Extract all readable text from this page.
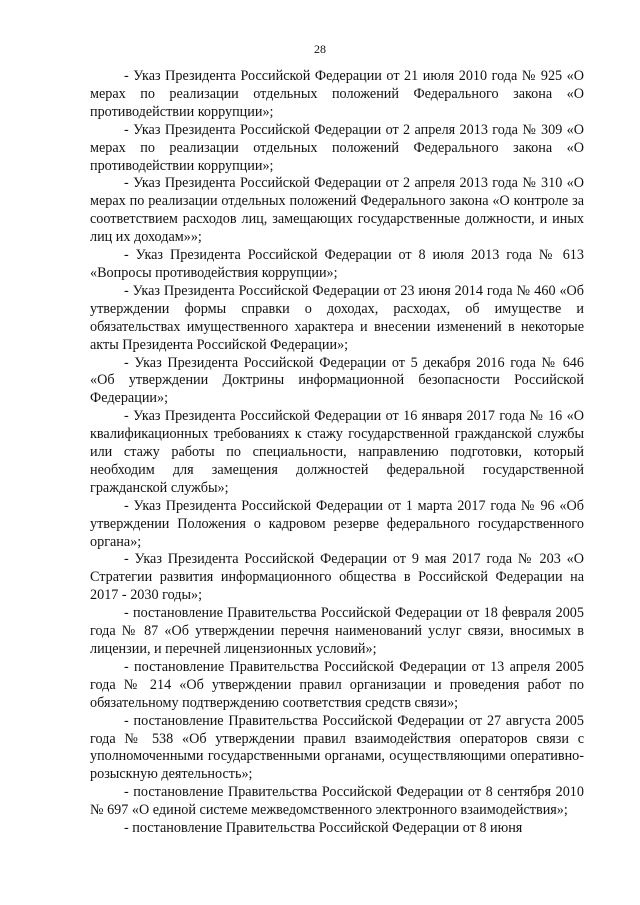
28

- Указ Президента Российской Федерации от 21 июля 2010 года № 925 «О мерах по реализации отдельных положений Федерального закона «О противодействии коррупции»;

- Указ Президента Российской Федерации от 2 апреля 2013 года № 309 «О мерах по реализации отдельных положений Федерального закона «О противодействии коррупции»;

- Указ Президента Российской Федерации от 2 апреля 2013 года № 310 «О мерах по реализации отдельных положений Федерального закона «О контроле за соответствием расходов лиц, замещающих государственные должности, и иных лиц их доходам»»;

- Указ Президента Российской Федерации от 8 июля 2013 года № 613 «Вопросы противодействия коррупции»;

- Указ Президента Российской Федерации от 23 июня 2014 года № 460 «Об утверждении формы справки о доходах, расходах, об имуществе и обязательствах имущественного характера и внесении изменений в некоторые акты Президента Российской Федерации»;

- Указ Президента Российской Федерации от 5 декабря 2016 года № 646 «Об утверждении Доктрины информационной безопасности Российской Федерации»;

- Указ Президента Российской Федерации от 16 января 2017 года № 16 «О квалификационных требованиях к стажу государственной гражданской службы или стажу работы по специальности, направлению подготовки, который необходим для замещения должностей федеральной государственной гражданской службы»;

- Указ Президента Российской Федерации от 1 марта 2017 года № 96 «Об утверждении Положения о кадровом резерве федерального государственного органа»;

- Указ Президента Российской Федерации от 9 мая 2017 года № 203 «О Стратегии развития информационного общества в Российской Федерации на 2017 - 2030 годы»;

- постановление Правительства Российской Федерации от 18 февраля 2005 года № 87 «Об утверждении перечня наименований услуг связи, вносимых в лицензии, и перечней лицензионных условий»;

- постановление Правительства Российской Федерации от 13 апреля 2005 года № 214 «Об утверждении правил организации и проведения работ по обязательному подтверждению соответствия средств связи»;

- постановление Правительства Российской Федерации от 27 августа 2005 года № 538 «Об утверждении правил взаимодействия операторов связи с уполномоченными государственными органами, осуществляющими оперативно-розыскную деятельность»;

- постановление Правительства Российской Федерации от 8 сентября 2010 № 697 «О единой системе межведомственного электронного взаимодействия»;

- постановление Правительства Российской Федерации от 8 июня
